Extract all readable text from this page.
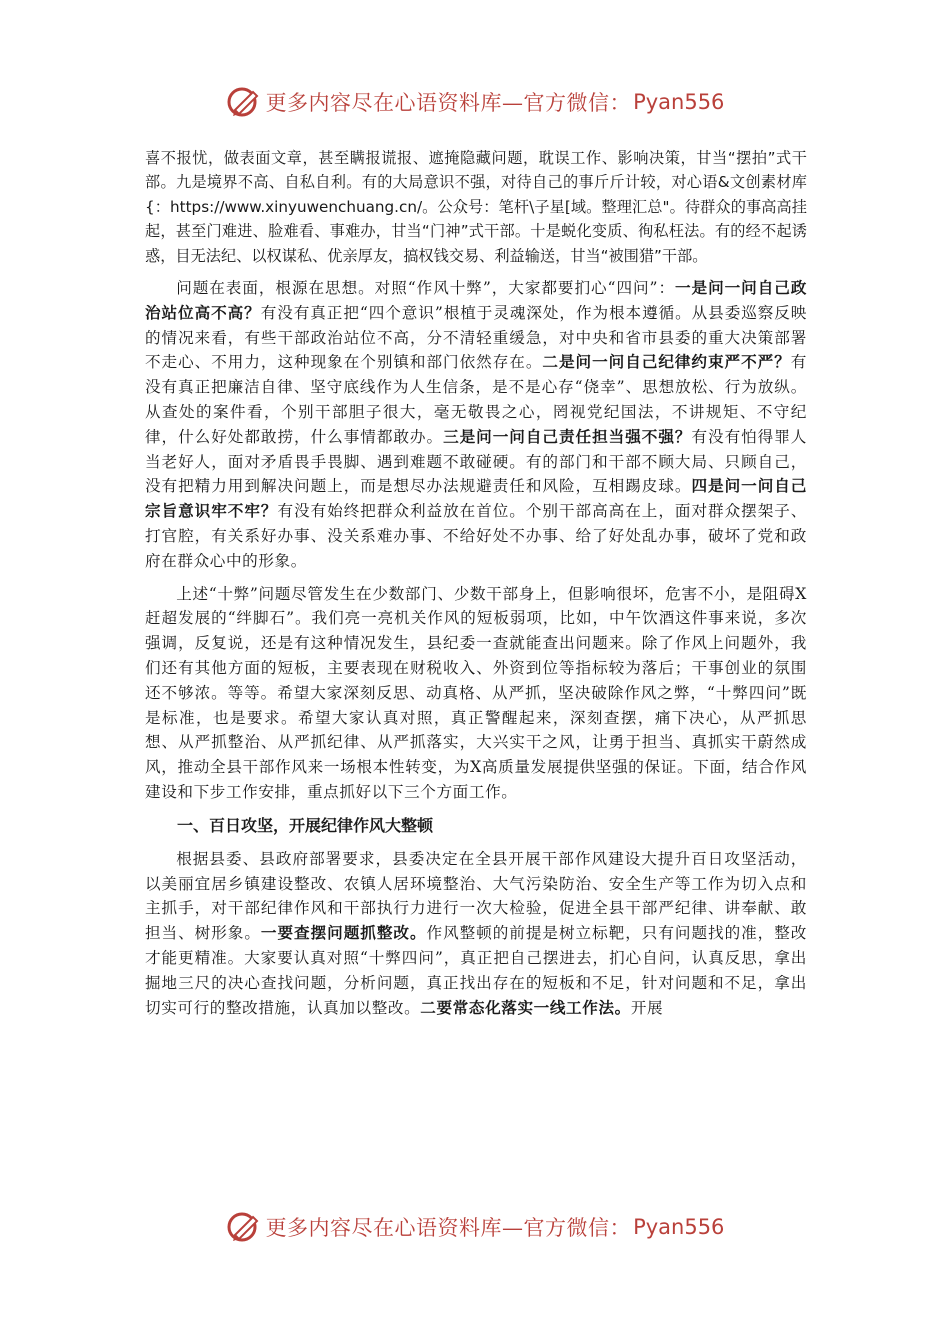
更多内容尽在心语资料库—官方微信： Pyan556

喜不报忧，做表面文章，甚至瞒报谎报、遮掩隐藏问题，耽误工作、影响决策，甘当“摆拍”式干部。九是境界不高、自私自利。有的大局意识不强，对待自己的事斤斤计较，对心语&文创素材库{：https://www.xinyuwenchuang.cn/。公众号：笔杆\子星[域。整理汇总"。待群众的事高高挂起，甚至门难进、脸难看、事难办，甘当“门神”式干部。十是蜕化变质、徇私枉法。有的经不起诱惑，目无法纪、以权谋私、优亲厚友，搞权钱交易、利益输送，甘当“被围猎”干部。

问题在表面，根源在思想。对照“作风十弊”，大家都要扪心“四问”：一是问一问自己政治站位高不高？有没有真正把“四个意识”根植于灵魂深处，作为根本遵循。从县委巡察反映的情况来看，有些干部政治站位不高，分不清轻重缓急，对中央和省市县委的重大决策部署不走心、不用力，这种现象在个别镇和部门依然存在。二是问一问自己纪律约束严不严？有没有真正把廉洁自律、坚守底线作为人生信条，是不是心存“侥幸”、思想放松、行为放纵。从查处的案件看，个别干部胆子很大，毫无敬畏之心，罔视党纪国法，不讲规矩、不守纪律，什么好处都敢捞，什么事情都敢办。三是问一问自己责任担当强不强？有没有怕得罪人当老好人，面对矛盾畏手畏脚、遇到难题不敢碰硬。有的部门和干部不顾大局、只顾自己，没有把精力用到解决问题上，而是想尽办法规避责任和风险，互相踢皮球。四是问一问自己宗旨意识牢不牢？有没有始终把群众利益放在首位。个别干部高高在上，面对群众摆架子、打官腔，有关系好办事、没关系难办事、不给好处不办事、给了好处乱办事，破坏了党和政府在群众心中的形象。

上述“十弊”问题尽管发生在少数部门、少数干部身上，但影响很坏，危害不小，是阻碍X赶超发展的“绊脚石”。我们亮一亮机关作风的短板弱项，比如，中午饮酒这件事来说，多次强调，反复说，还是有这种情况发生，县纪委一查就能查出问题来。除了作风上问题外，我们还有其他方面的短板，主要表现在财税收入、外资到位等指标较为落后；干事创业的氛围还不够浓。等等。希望大家深刻反思、动真格、从严抓，坚决破除作风之弊，“十弊四问”既是标准，也是要求。希望大家认真对照，真正警醒起来，深刻查摆，痛下决心，从严抓思想、从严抓整治、从严抓纪律、从严抓落实，大兴实干之风，让勇于担当、真抓实干蔚然成风，推动全县干部作风来一场根本性转变，为X高质量发展提供坚强的保证。下面，结合作风建设和下步工作安排，重点抓好以下三个方面工作。

一、百日攻坚，开展纪律作风大整顿

根据县委、县政府部署要求，县委决定在全县开展干部作风建设大提升百日攻坚活动，以美丽宜居乡镇建设整改、农镇人居环境整治、大气污染防治、安全生产等工作为切入点和主抓手，对干部纪律作风和干部执行力进行一次大检验，促进全县干部严纪律、讲奉献、敢担当、树形象。一要查摆问题抓整改。作风整顿的前提是树立标靶，只有问题找的准，整改才能更精准。大家要认真对照“十弊四问”，真正把自己摆进去，扪心自问，认真反思，拿出掘地三尺的决心查找问题，分析问题，真正找出存在的短板和不足，针对问题和不足，拿出切实可行的整改措施，认真加以整改。二要常态化落实一线工作法。开展

更多内容尽在心语资料库—官方微信： Pyan556
